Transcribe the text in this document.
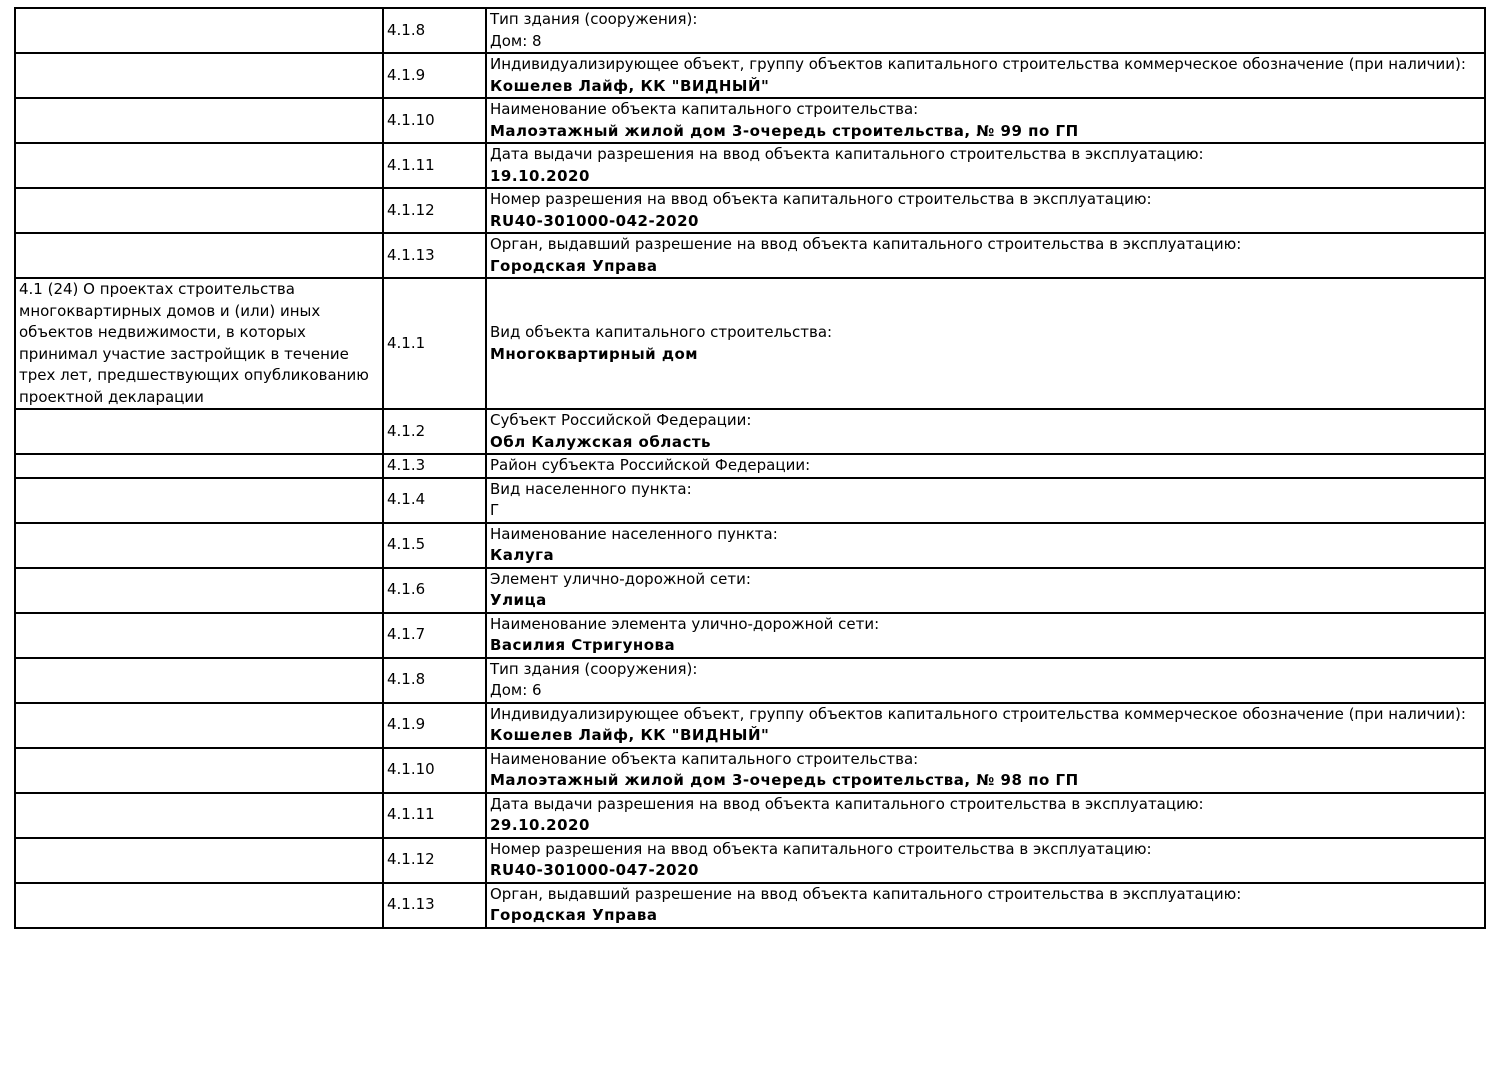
	4.1.8	Тип здания (сооружения):
Дом: 8

	4.1.9	Индивидуализирующее объект, группу объектов капитального строительства коммерческое обозначение (при наличии):
Кошелев Лайф, КК "ВИДНЫЙ"

	4.1.10	Наименование объекта капитального строительства:
Малоэтажный жилой дом 3-очередь строительства, № 99 по ГП

	4.1.11	Дата выдачи разрешения на ввод объекта капитального строительства в эксплуатацию:
19.10.2020

	4.1.12	Номер разрешения на ввод объекта капитального строительства в эксплуатацию:
RU40-301000-042-2020

	4.1.13	Орган, выдавший разрешение на ввод объекта капитального строительства в эксплуатацию:
Городская Управа

4.1 (24) О проектах строительства многоквартирных домов и (или) иных объектов недвижимости, в которых принимал участие застройщик в течение трех лет, предшествующих опубликованию проектной декларации	4.1.1	Вид объекта капитального строительства:
Многоквартирный дом

	4.1.2	Субъект Российской Федерации:
Обл Калужская область

	4.1.3	Район субъекта Российской Федерации:

	4.1.4	Вид населенного пункта:
Г

	4.1.5	Наименование населенного пункта:
Калуга

	4.1.6	Элемент улично-дорожной сети:
Улица

	4.1.7	Наименование элемента улично-дорожной сети:
Василия Стригунова

	4.1.8	Тип здания (сооружения):
Дом: 6

	4.1.9	Индивидуализирующее объект, группу объектов капитального строительства коммерческое обозначение (при наличии):
Кошелев Лайф, КК "ВИДНЫЙ"

	4.1.10	Наименование объекта капитального строительства:
Малоэтажный жилой дом 3-очередь строительства, № 98 по ГП

	4.1.11	Дата выдачи разрешения на ввод объекта капитального строительства в эксплуатацию:
29.10.2020

	4.1.12	Номер разрешения на ввод объекта капитального строительства в эксплуатацию:
RU40-301000-047-2020

	4.1.13	Орган, выдавший разрешение на ввод объекта капитального строительства в эксплуатацию:
Городская Управа
